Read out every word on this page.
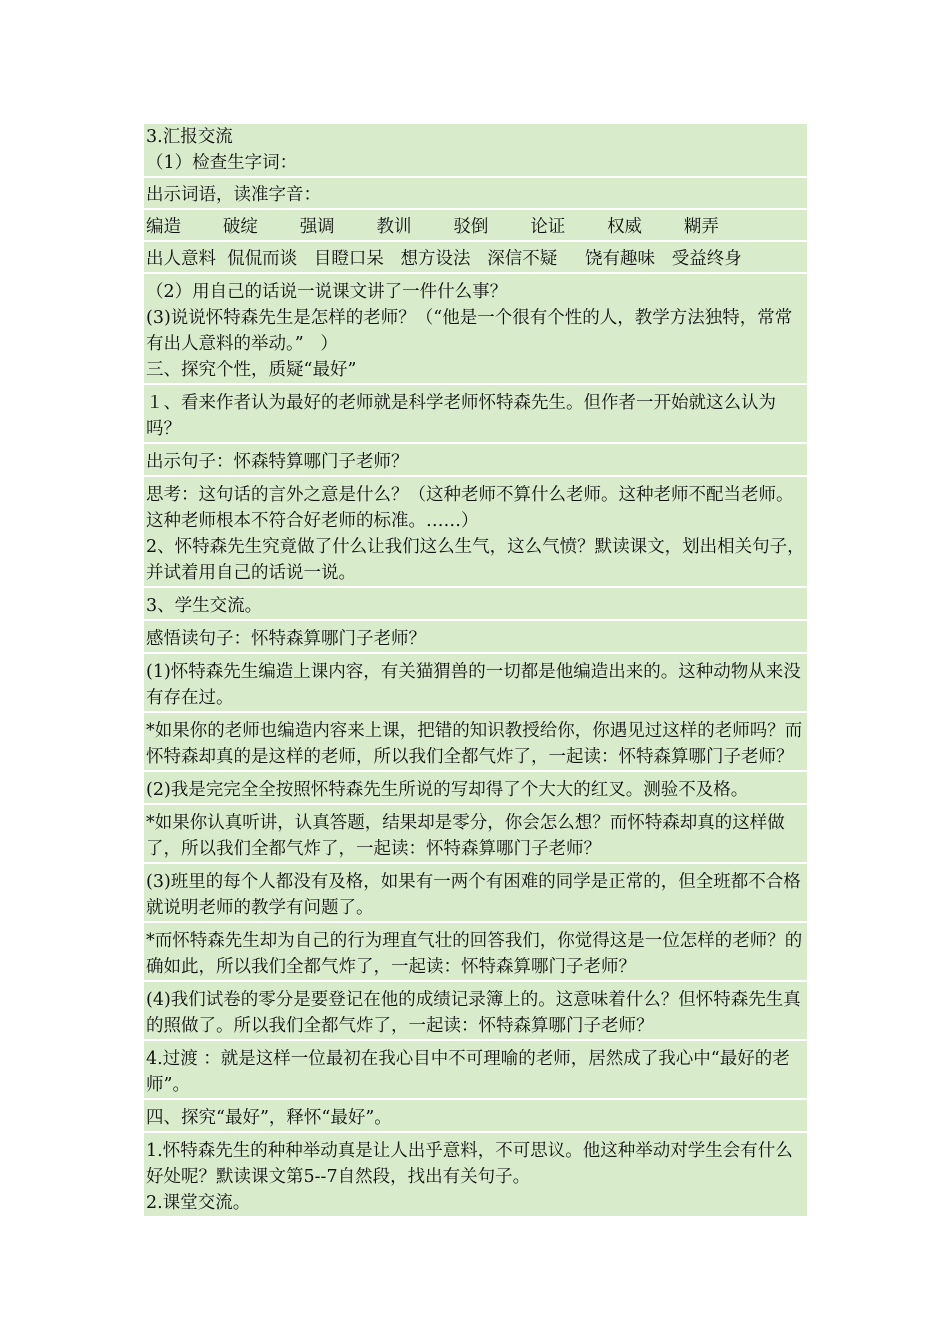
3.汇报交流
（1）检查生字词：
出示词语，读准字音：
编造 破绽 强调 教训 驳倒 论证 权威 糊弄
出人意料  侃侃而谈   目瞪口呆   想方设法   深信不疑     饶有趣味   受益终身
（2）用自己的话说一说课文讲了一件什么事？
(3)说说怀特森先生是怎样的老师？（“他是一个很有个性的人，教学方法独特，常常有出人意料的举动。”   ）
三、探究个性，质疑“最好”
１、看来作者认为最好的老师就是科学老师怀特森先生。但作者一开始就这么认为吗？
出示句子：怀森特算哪门子老师？
思考：这句话的言外之意是什么？（这种老师不算什么老师。这种老师不配当老师。这种老师根本不符合好老师的标准。……）
2、怀特森先生究竟做了什么让我们这么生气，这么气愤？默读课文，划出相关句子，并试着用自己的话说一说。
3、学生交流。
感悟读句子：怀特森算哪门子老师？
(1)怀特森先生编造上课内容，有关猫猬兽的一切都是他编造出来的。这种动物从来没有存在过。
*如果你的老师也编造内容来上课，把错的知识教授给你，你遇见过这样的老师吗？而怀特森却真的是这样的老师，所以我们全都气炸了，一起读：怀特森算哪门子老师？
(2)我是完完全全按照怀特森先生所说的写却得了个大大的红叉。测验不及格。
*如果你认真听讲，认真答题，结果却是零分，你会怎么想？而怀特森却真的这样做了，所以我们全都气炸了，一起读：怀特森算哪门子老师？
(3)班里的每个人都没有及格，如果有一两个有困难的同学是正常的，但全班都不合格就说明老师的教学有问题了。
*而怀特森先生却为自己的行为理直气壮的回答我们，你觉得这是一位怎样的老师？的确如此，所以我们全都气炸了，一起读：怀特森算哪门子老师？
(4)我们试卷的零分是要登记在他的成绩记录簿上的。这意味着什么？但怀特森先生真的照做了。所以我们全都气炸了，一起读：怀特森算哪门子老师？
4.过渡 ：就是这样一位最初在我心目中不可理喻的老师，居然成了我心中“最好的老师”。
四、探究“最好”，释怀“最好”。
1.怀特森先生的种种举动真是让人出乎意料，不可思议。他这种举动对学生会有什么好处呢？默读课文第5--7自然段，找出有关句子。
2.课堂交流。
